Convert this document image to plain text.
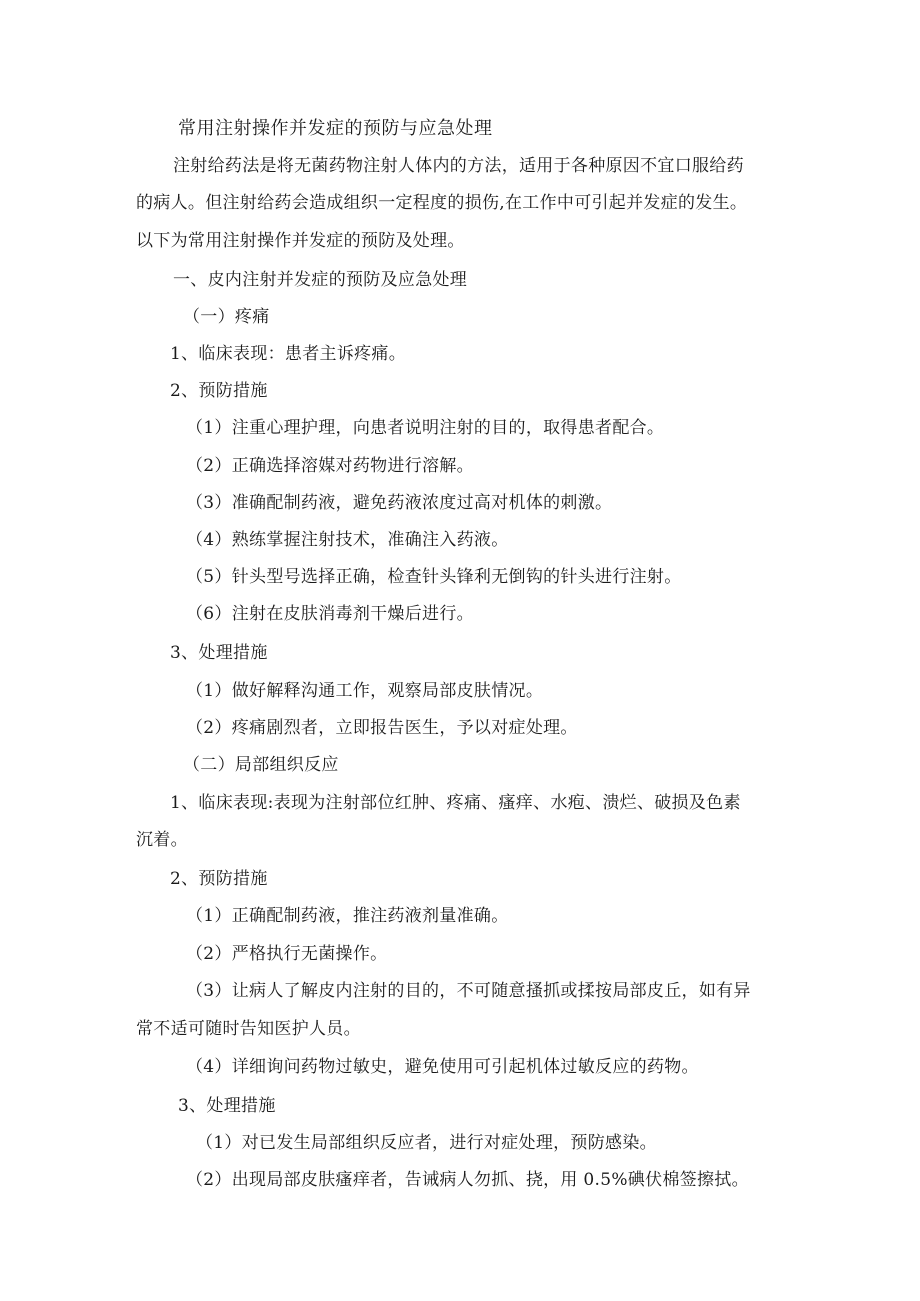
常用注射操作并发症的预防与应急处理
注射给药法是将无菌药物注射人体内的方法，适用于各种原因不宜口服给药
的病人。但注射给药会造成组织一定程度的损伤,在工作中可引起并发症的发生。
以下为常用注射操作并发症的预防及处理。
一、皮内注射并发症的预防及应急处理
（一）疼痛
1、临床表现：患者主诉疼痛。
2、预防措施
（1）注重心理护理，向患者说明注射的目的，取得患者配合。
（2）正确选择溶媒对药物进行溶解。
（3）准确配制药液，避免药液浓度过高对机体的刺激。
（4）熟练掌握注射技术，准确注入药液。
（5）针头型号选择正确，检查针头锋利无倒钩的针头进行注射。
（6）注射在皮肤消毒剂干燥后进行。
3、处理措施
（1）做好解释沟通工作，观察局部皮肤情况。
（2）疼痛剧烈者，立即报告医生，予以对症处理。
（二）局部组织反应
1、临床表现:表现为注射部位红肿、疼痛、瘙痒、水疱、溃烂、破损及色素
沉着。
2、预防措施
（1）正确配制药液，推注药液剂量准确。
（2）严格执行无菌操作。
（3）让病人了解皮内注射的目的，不可随意搔抓或揉按局部皮丘，如有异
常不适可随时告知医护人员。
（4）详细询问药物过敏史，避免使用可引起机体过敏反应的药物。
3、处理措施
（1）对已发生局部组织反应者，进行对症处理，预防感染。
（2）出现局部皮肤瘙痒者，告诫病人勿抓、挠，用 0.5%碘伏棉签擦拭。
